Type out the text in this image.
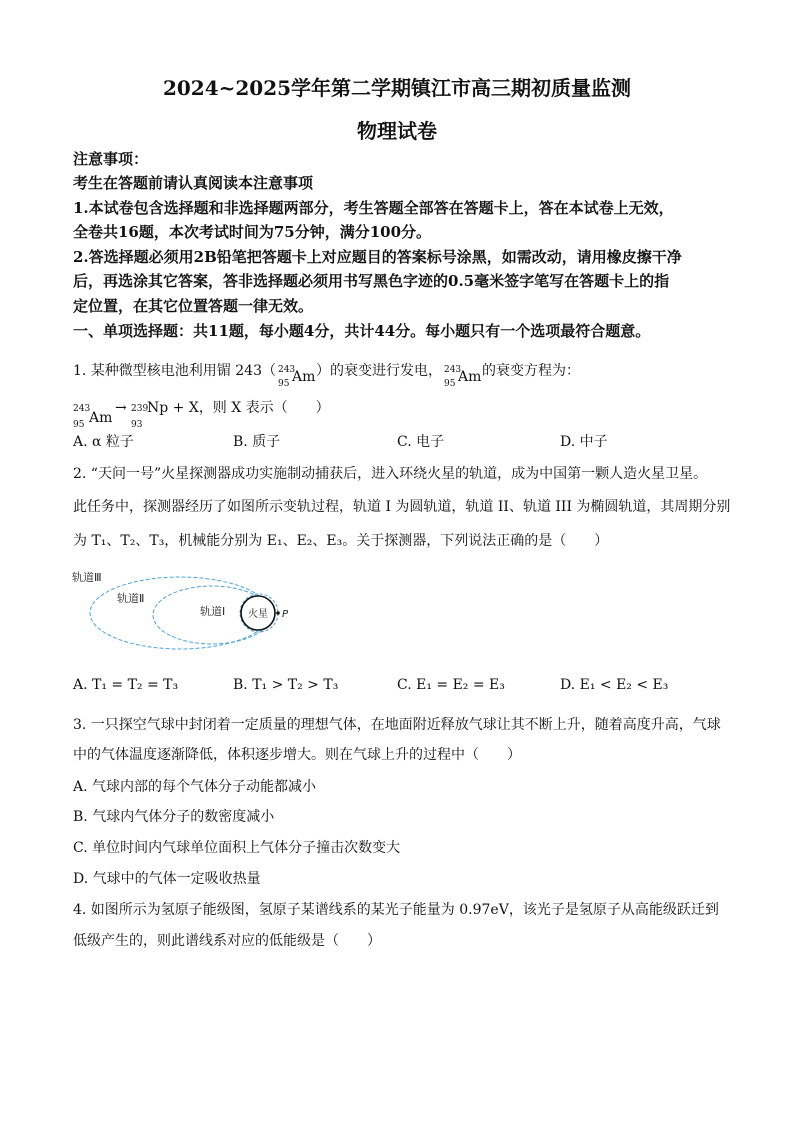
2024~2025学年第二学期镇江市高三期初质量监测
物理试卷
注意事项：
考生在答题前请认真阅读本注意事项
1.本试卷包含选择题和非选择题两部分，考生答题全部答在答题卡上，答在本试卷上无效，
全卷共16题，本次考试时间为75分钟，满分100分。
2.答选择题必须用2B铅笔把答题卡上对应题目的答案标号涂黑，如需改动，请用橡皮擦干净
后，再选涂其它答案，答非选择题必须用书写黑色字迹的0.5毫米签字笔写在答题卡上的指
定位置，在其它位置答题一律无效。
一、单项选择题：共11题，每小题4分，共计44分。每小题只有一个选项最符合题意。
1. 某种微型核电池利用镅 243（ 243
95 Am ）的衰变进行发电， 243
95 Am 的衰变方程为：
243
95 Am
→ 239
93
Np + X，则 X 表示（　　）
A. α 粒子	B. 质子	C. 电子	D. 中子
2. “天问一号”火星探测器成功实施制动捕获后，进入环绕火星的轨道，成为中国第一颗人造火星卫星。
此任务中，探测器经历了如图所示变轨过程，轨道 I 为圆轨道，轨道 II、轨道 III 为椭圆轨道，其周期分别
为 T₁、T₂、T₃，机械能分别为 E₁、E₂、E₃。关于探测器，下列说法正确的是（　　）
轨道Ⅲ
轨道Ⅱ
轨道Ⅰ 火星 P
A. T₁ = T₂ = T₃	B. T₁ > T₂ > T₃	C. E₁ = E₂ = E₃	D. E₁ < E₂ < E₃
3. 一只探空气球中封闭着一定质量的理想气体，在地面附近释放气球让其不断上升，随着高度升高，气球
中的气体温度逐渐降低，体积逐步增大。则在气球上升的过程中（　　）
A. 气球内部的每个气体分子动能都减小
B. 气球内气体分子的数密度减小
C. 单位时间内气球单位面积上气体分子撞击次数变大
D. 气球中的气体一定吸收热量
4. 如图所示为氢原子能级图，氢原子某谱线系的某光子能量为 0.97eV，该光子是氢原子从高能级跃迁到
低级产生的，则此谱线系对应的低能级是（　　）
